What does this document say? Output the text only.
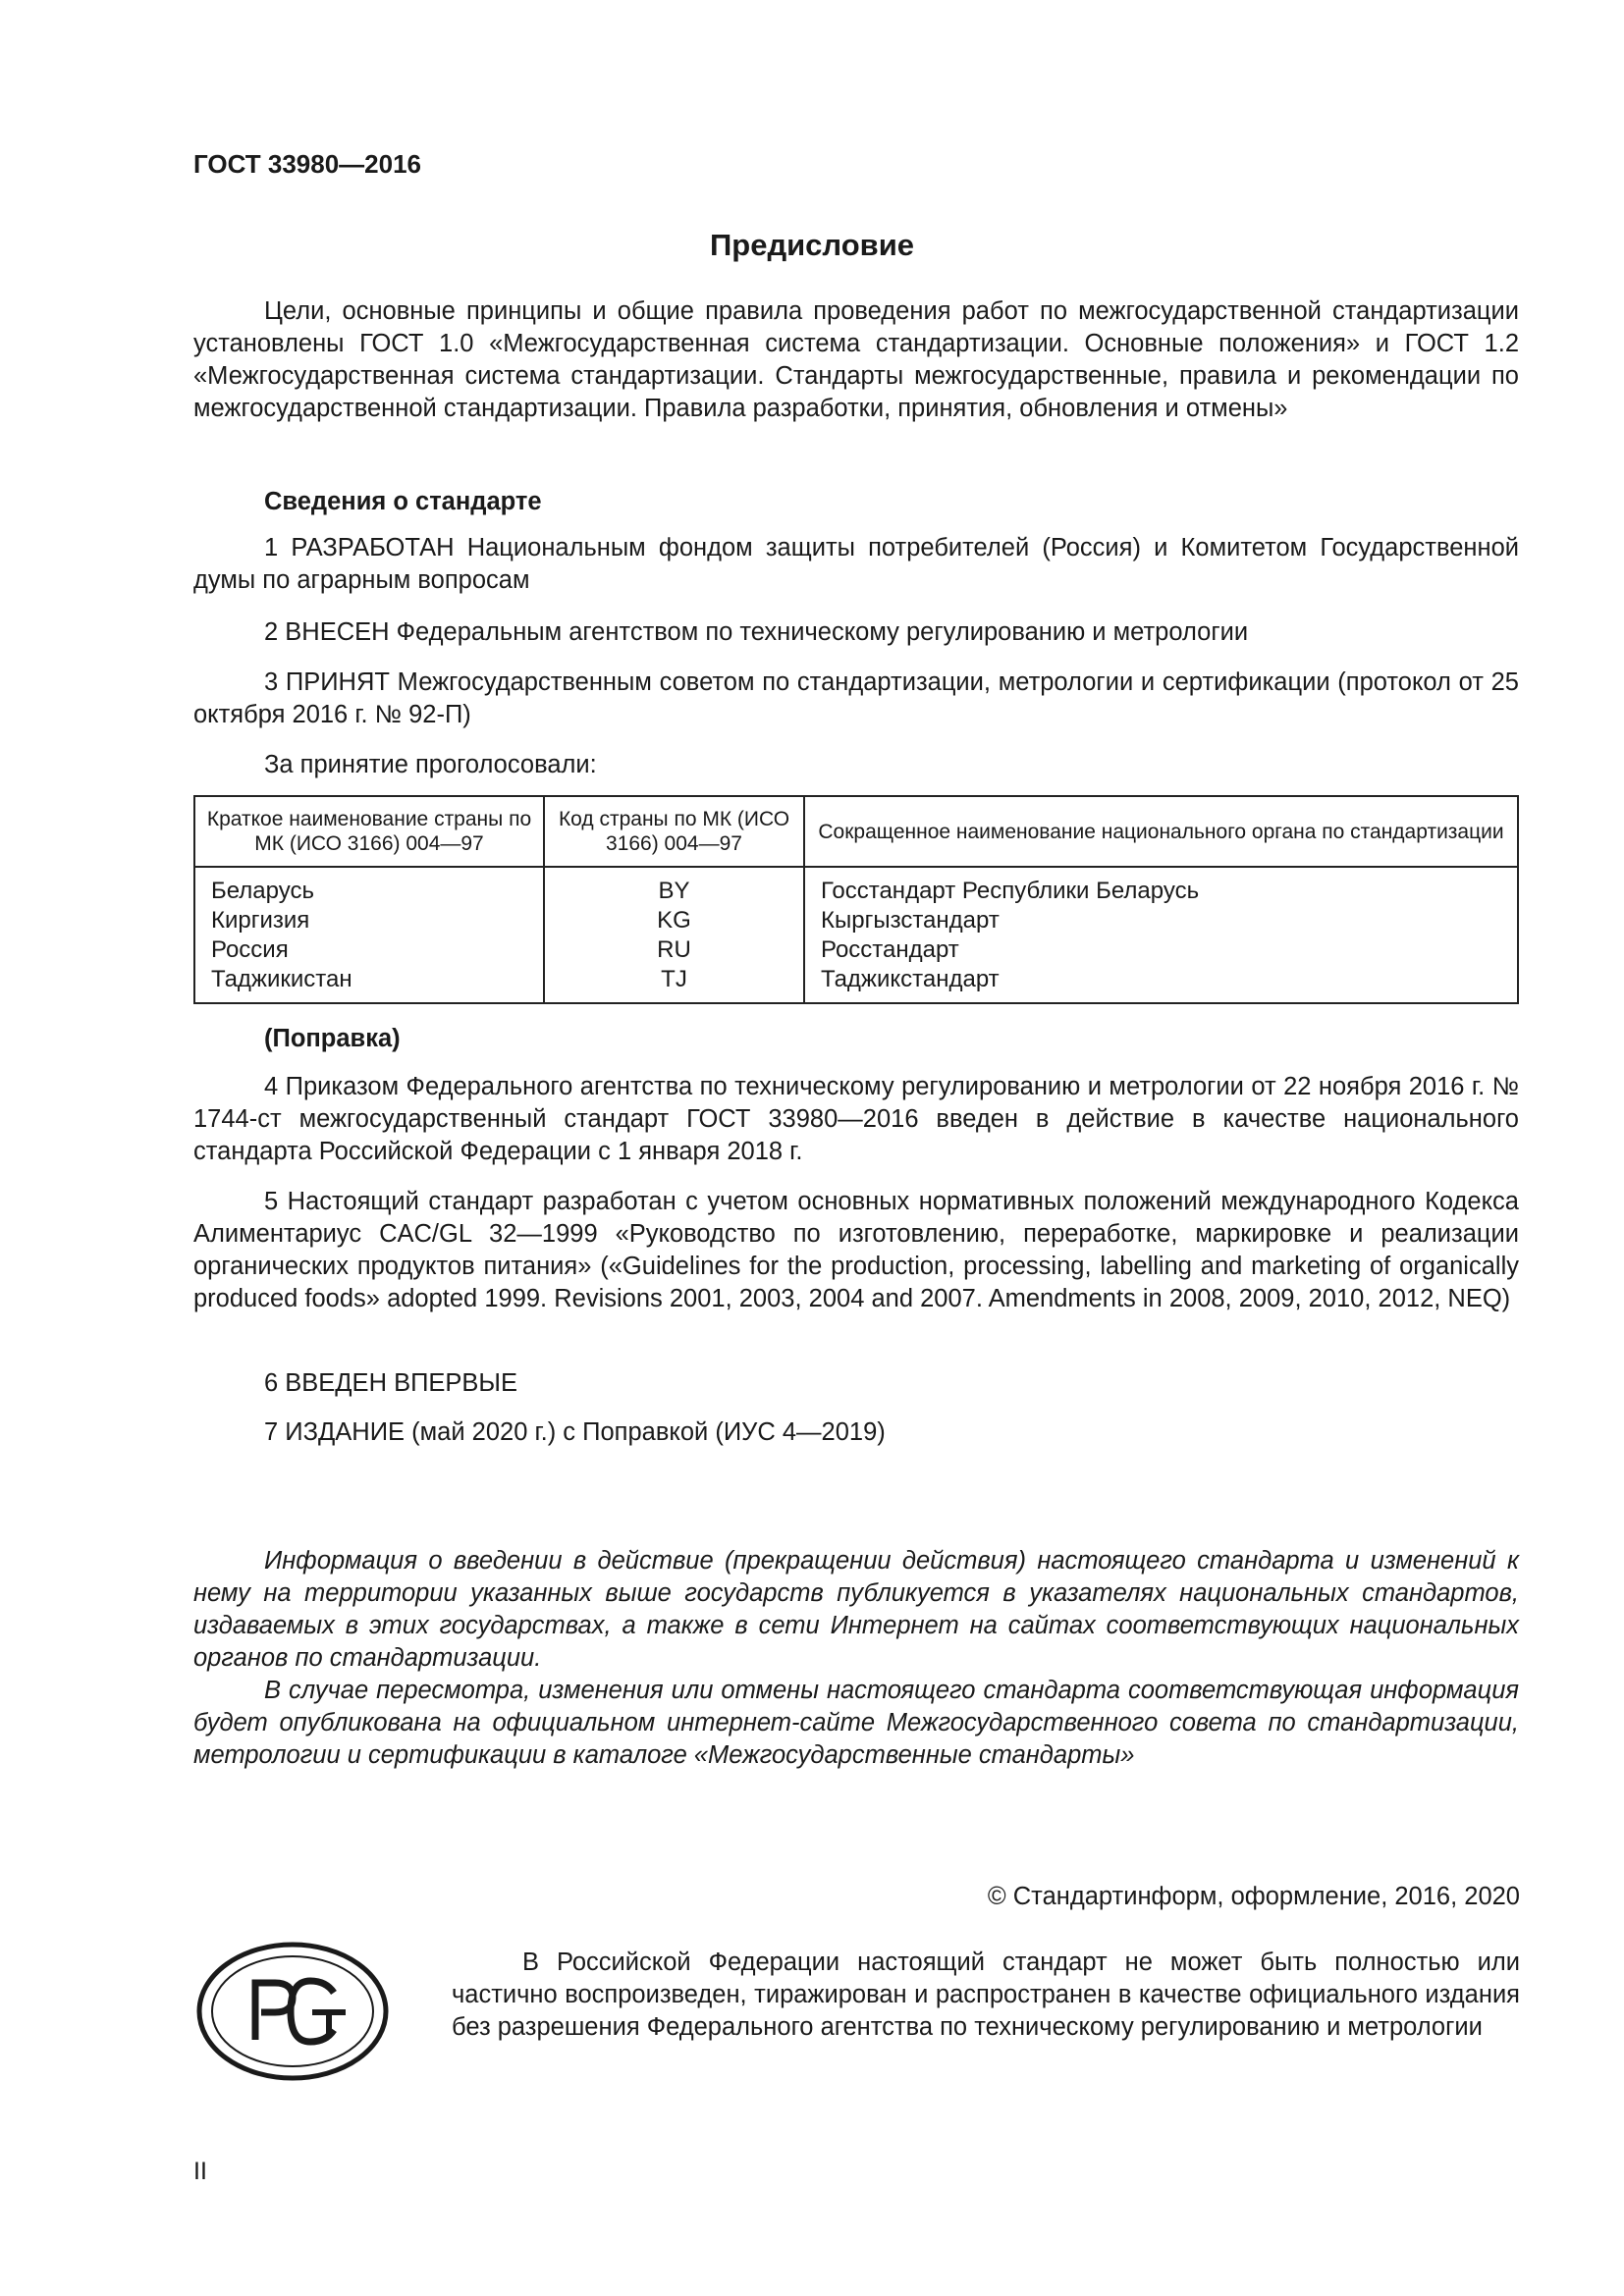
ГОСТ 33980—2016
Предисловие
Цели, основные принципы и общие правила проведения работ по межгосударственной стандартизации установлены ГОСТ 1.0 «Межгосударственная система стандартизации. Основные положения» и ГОСТ 1.2 «Межгосударственная система стандартизации. Стандарты межгосударственные, правила и рекомендации по межгосударственной стандартизации. Правила разработки, принятия, обновления и отмены»
Сведения о стандарте
1 РАЗРАБОТАН Национальным фондом защиты потребителей (Россия) и Комитетом Государственной думы по аграрным вопросам
2 ВНЕСЕН Федеральным агентством по техническому регулированию и метрологии
3 ПРИНЯТ Межгосударственным советом по стандартизации, метрологии и сертификации (протокол от 25 октября 2016 г. № 92-П)
За принятие проголосовали:
Краткое наименование страны по МК (ИСО 3166) 004—97	Код страны по МК (ИСО 3166) 004—97	Сокращенное наименование национального органа по стандартизации
Беларусь	BY	Госстандарт Республики Беларусь
Киргизия	KG	Кыргызстандарт
Россия	RU	Росстандарт
Таджикистан	TJ	Таджикстандарт
(Поправка)
4 Приказом Федерального агентства по техническому регулированию и метрологии от 22 ноября 2016 г. № 1744-ст межгосударственный стандарт ГОСТ 33980—2016 введен в действие в качестве национального стандарта Российской Федерации с 1 января 2018 г.
5 Настоящий стандарт разработан с учетом основных нормативных положений международного Кодекса Алиментариус CAC/GL 32—1999 «Руководство по изготовлению, переработке, маркировке и реализации органических продуктов питания» («Guidelines for the production, processing, labelling and marketing of organically produced foods» adopted 1999. Revisions 2001, 2003, 2004 and 2007. Amendments in 2008, 2009, 2010, 2012, NEQ)
6 ВВЕДЕН ВПЕРВЫЕ
7 ИЗДАНИЕ (май 2020 г.) с Поправкой (ИУС 4—2019)
Информация о введении в действие (прекращении действия) настоящего стандарта и изменений к нему на территории указанных выше государств публикуется в указателях национальных стандартов, издаваемых в этих государствах, а также в сети Интернет на сайтах соответствующих национальных органов по стандартизации.
В случае пересмотра, изменения или отмены настоящего стандарта соответствующая информация будет опубликована на официальном интернет-сайте Межгосударственного совета по стандартизации, метрологии и сертификации в каталоге «Межгосударственные стандарты»
© Стандартинформ, оформление, 2016, 2020
В Российской Федерации настоящий стандарт не может быть полностью или частично воспроизведен, тиражирован и распространен в качестве официального издания без разрешения Федерального агентства по техническому регулированию и метрологии
II
